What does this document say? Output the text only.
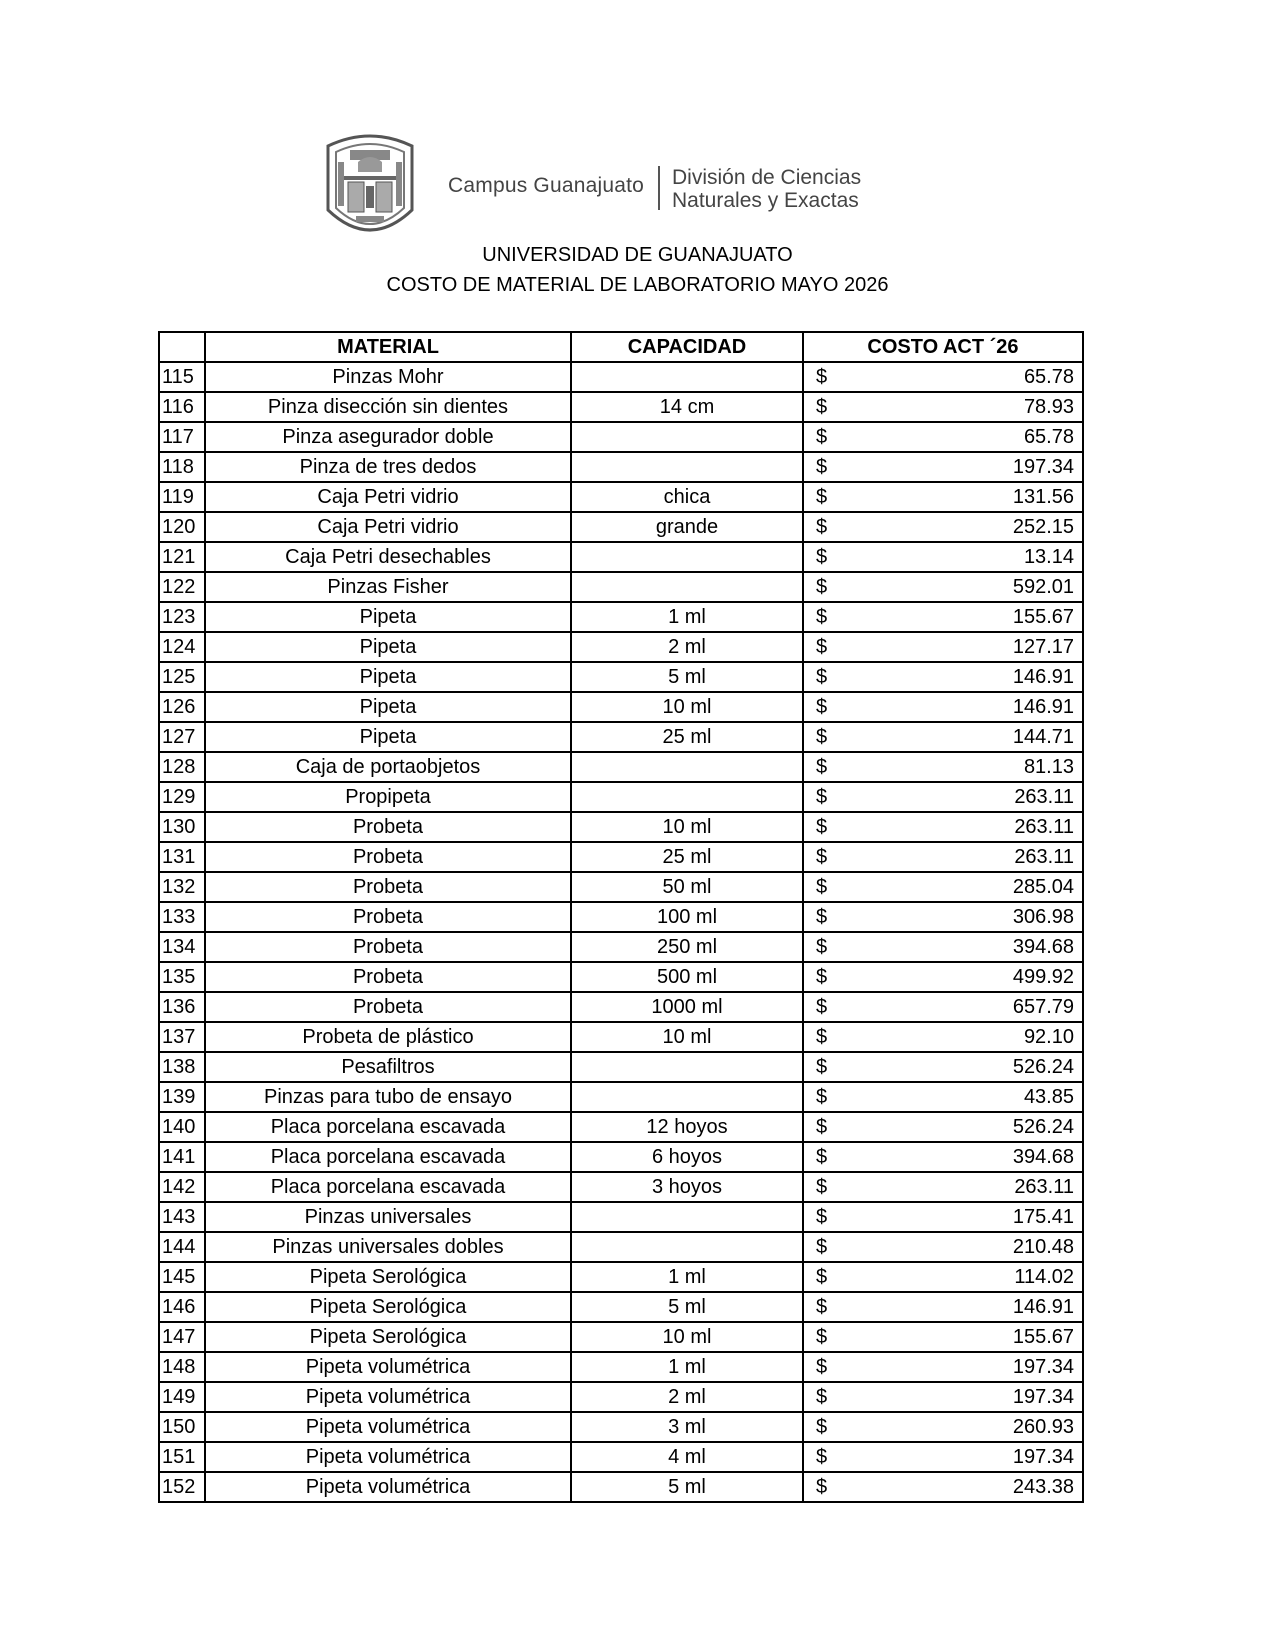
Campus Guanajuato División de Ciencias
Naturales y Exactas
UNIVERSIDAD DE GUANAJUATO
COSTO DE MATERIAL DE LABORATORIO MAYO 2026
	MATERIAL	CAPACIDAD	COSTO ACT ´26
115	Pinzas Mohr		$ 65.78

116	Pinza disección sin dientes	14 cm	$ 78.93

117	Pinza asegurador doble		$ 65.78

118	Pinza de tres dedos		$ 197.34

119	Caja Petri vidrio	chica	$ 131.56

120	Caja Petri vidrio	grande	$ 252.15

121	Caja Petri desechables		$ 13.14

122	Pinzas Fisher		$ 592.01

123	Pipeta	1 ml	$ 155.67

124	Pipeta	2 ml	$ 127.17

125	Pipeta	5 ml	$ 146.91

126	Pipeta	10 ml	$ 146.91

127	Pipeta	25 ml	$ 144.71

128	Caja de portaobjetos		$ 81.13

129	Propipeta		$ 263.11

130	Probeta	10 ml	$ 263.11

131	Probeta	25 ml	$ 263.11

132	Probeta	50 ml	$ 285.04

133	Probeta	100 ml	$ 306.98

134	Probeta	250 ml	$ 394.68

135	Probeta	500 ml	$ 499.92

136	Probeta	1000 ml	$ 657.79

137	Probeta de plástico	10 ml	$ 92.10

138	Pesafiltros		$ 526.24

139	Pinzas para tubo de ensayo		$ 43.85

140	Placa porcelana escavada	12 hoyos	$ 526.24

141	Placa porcelana escavada	6 hoyos	$ 394.68

142	Placa porcelana escavada	3 hoyos	$ 263.11

143	Pinzas universales		$ 175.41

144	Pinzas universales dobles		$ 210.48

145	Pipeta Serológica	1 ml	$ 114.02

146	Pipeta Serológica	5 ml	$ 146.91

147	Pipeta Serológica	10 ml	$ 155.67

148	Pipeta volumétrica	1 ml	$ 197.34

149	Pipeta volumétrica	2 ml	$ 197.34

150	Pipeta volumétrica	3 ml	$ 260.93

151	Pipeta volumétrica	4 ml	$ 197.34

152	Pipeta volumétrica	5 ml	$ 243.38
